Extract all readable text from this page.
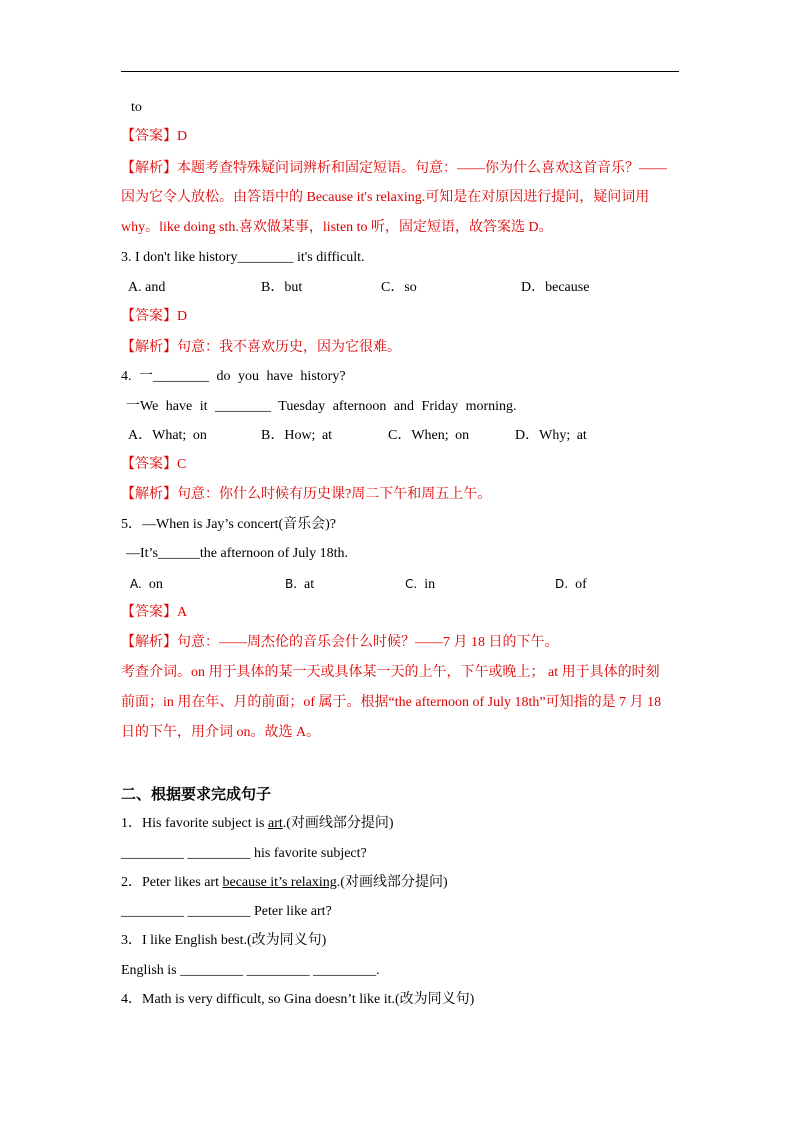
to
【答案】D
【解析】本题考查特殊疑问词辨析和固定短语。句意：——你为什么喜欢这首音乐？——
因为它令人放松。由答语中的 Because it's relaxing.可知是在对原因进行提问，疑问词用
why。like doing sth.喜欢做某事，listen to 听，固定短语，故答案选 D。
3. I don't like history________ it's difficult.
A. and	B．but	C．so	D．because
【答案】D
【解析】句意：我不喜欢历史，因为它很难。
4. 一________ do you have history?
一We have it ________ Tuesday afternoon and Friday morning.
A．What; on	B．How; at	C．When; on	D．Why; at
【答案】C
【解析】句意：你什么时候有历史课?周二下午和周五上午。
5．—When is Jay’s concert(音乐会)?
—It’s______the afternoon of July 18th.
A. on	B. at	C. in	D. of
【答案】A
【解析】句意：——周杰伦的音乐会什么时候？——7 月 18 日的下午。
考查介词。on 用于具体的某一天或具体某一天的上午，下午或晚上； at 用于具体的时刻
前面；in 用在年、月的前面；of 属于。根据“the afternoon of July 18th”可知指的是 7 月 18
日的下午，用介词 on。故选 A。
二、根据要求完成句子
1．His favorite subject is art.(对画线部分提问)
_________ _________ his favorite subject?
2．Peter likes art because it’s relaxing.(对画线部分提问)
_________ _________ Peter like art?
3．I like English best.(改为同义句)
English is _________ _________ _________.
4．Math is very difficult, so Gina doesn’t like it.(改为同义句)
